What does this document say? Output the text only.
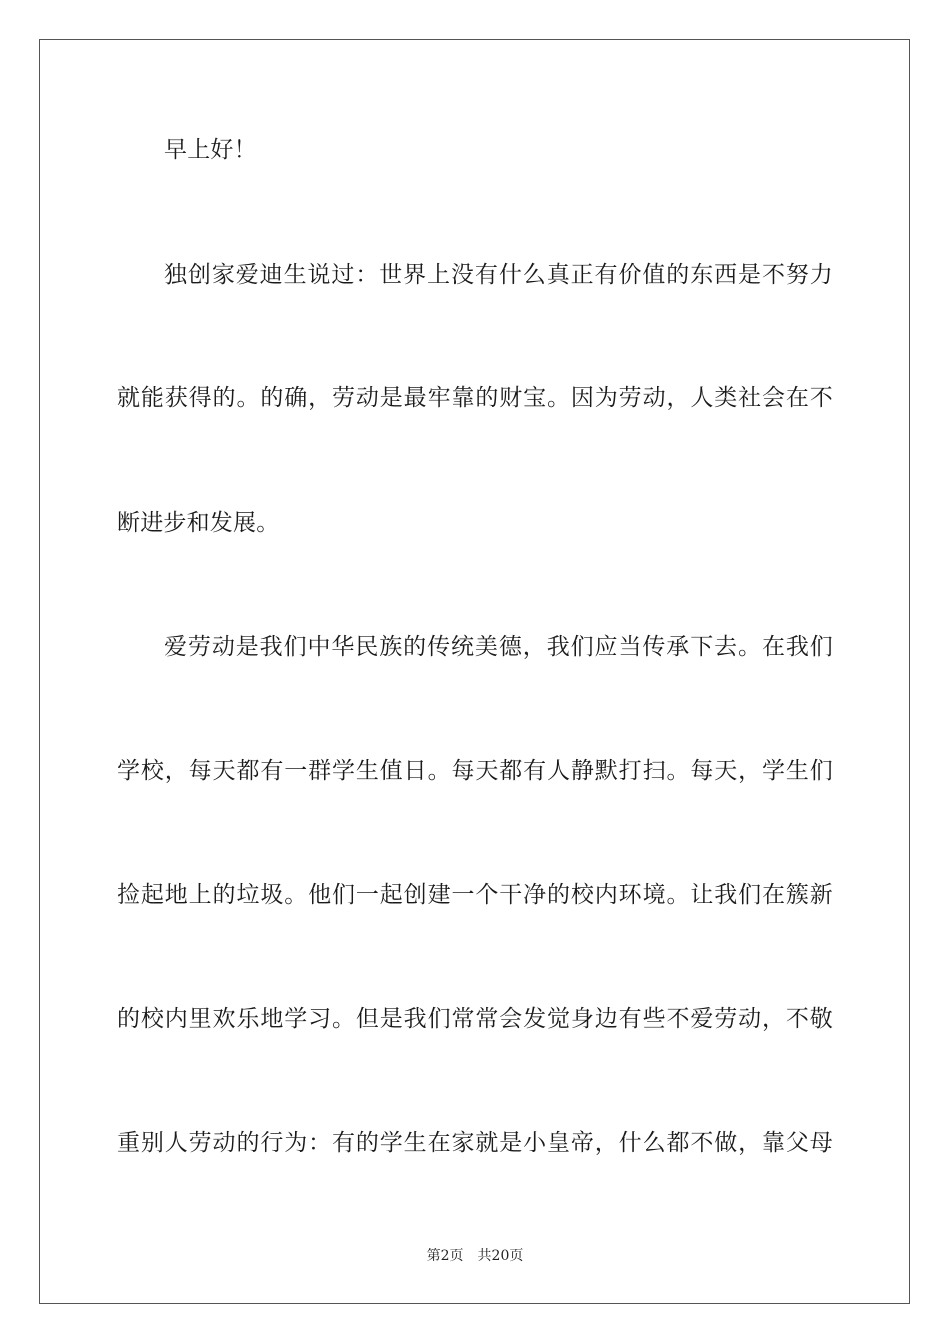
早上好！
独创家爱迪生说过：世界上没有什么真正有价值的东西是不努力
就能获得的。的确，劳动是最牢靠的财宝。因为劳动，人类社会在不
断进步和发展。
爱劳动是我们中华民族的传统美德，我们应当传承下去。在我们
学校，每天都有一群学生值日。每天都有人静默打扫。每天，学生们
捡起地上的垃圾。他们一起创建一个干净的校内环境。让我们在簇新
的校内里欢乐地学习。但是我们常常会发觉身边有些不爱劳动，不敬
重别人劳动的行为：有的学生在家就是小皇帝，什么都不做，靠父母
第2页 共20页
